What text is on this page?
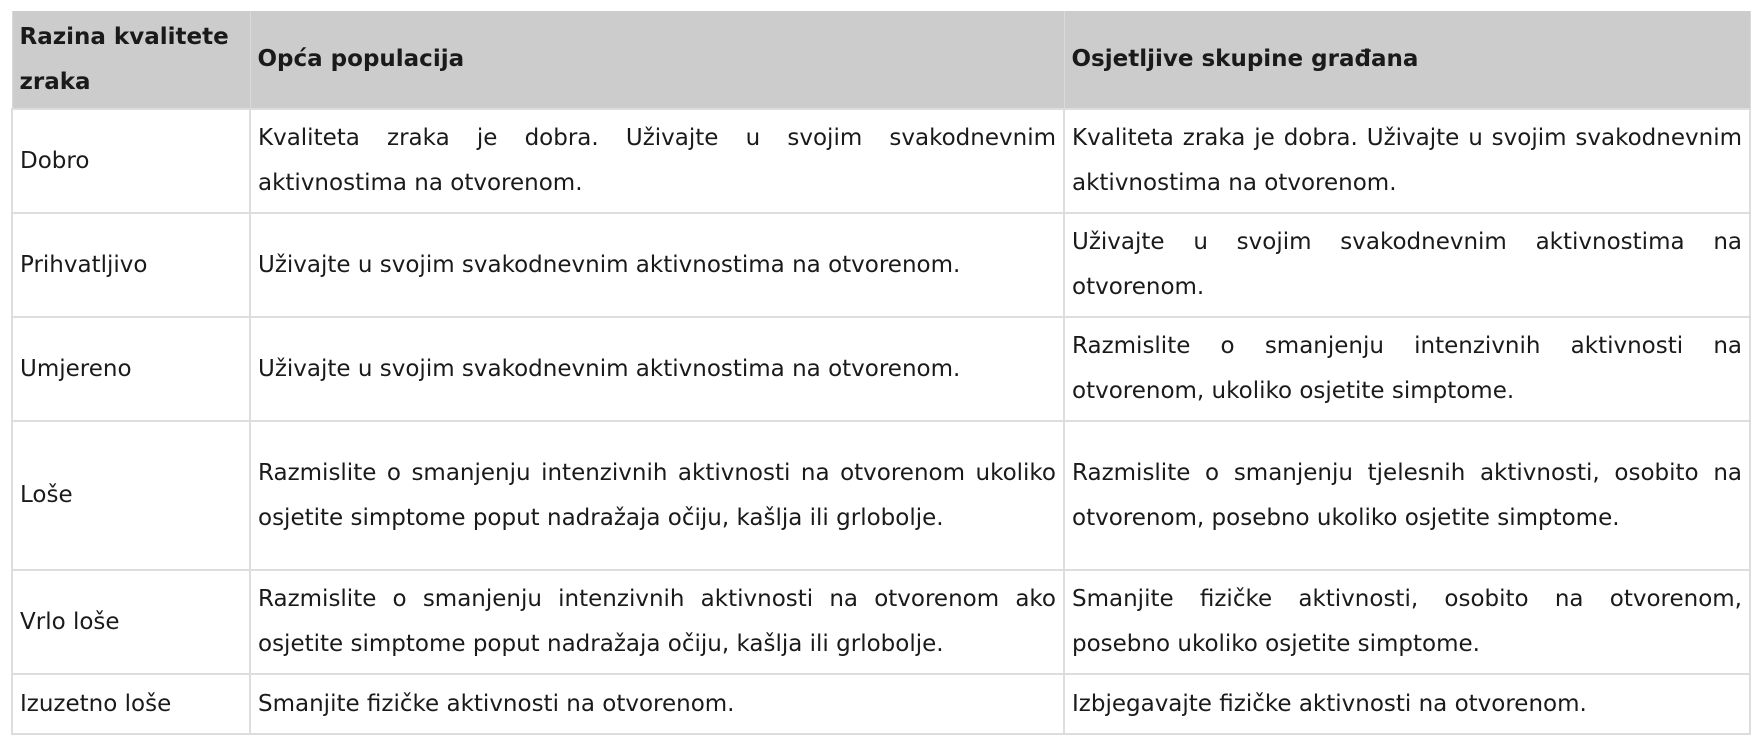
Razina kvalitete zraka	Opća populacija	Osjetljive skupine građana
Dobro	Kvaliteta zraka je dobra. Uživajte u svojim svakodnevnim aktivnostima na otvorenom.	Kvaliteta zraka je dobra. Uživajte u svojim svakodnevnim aktivnostima na otvorenom.
Prihvatljivo	Uživajte u svojim svakodnevnim aktivnostima na otvorenom.	Uživajte u svojim svakodnevnim aktivnostima na otvorenom.
Umjereno	Uživajte u svojim svakodnevnim aktivnostima na otvorenom.	Razmislite o smanjenju intenzivnih aktivnosti na otvorenom, ukoliko osjetite simptome.
Loše	Razmislite o smanjenju intenzivnih aktivnosti na otvorenom ukoliko osjetite simptome poput nadražaja očiju, kašlja ili grlobolje.	Razmislite o smanjenju tjelesnih aktivnosti, osobito na otvorenom, posebno ukoliko osjetite simptome.
Vrlo loše	Razmislite o smanjenju intenzivnih aktivnosti na otvorenom ako osjetite simptome poput nadražaja očiju, kašlja ili grlobolje.	Smanjite fizičke aktivnosti, osobito na otvorenom, posebno ukoliko osjetite simptome.
Izuzetno loše	Smanjite fizičke aktivnosti na otvorenom.	Izbjegavajte fizičke aktivnosti na otvorenom.
